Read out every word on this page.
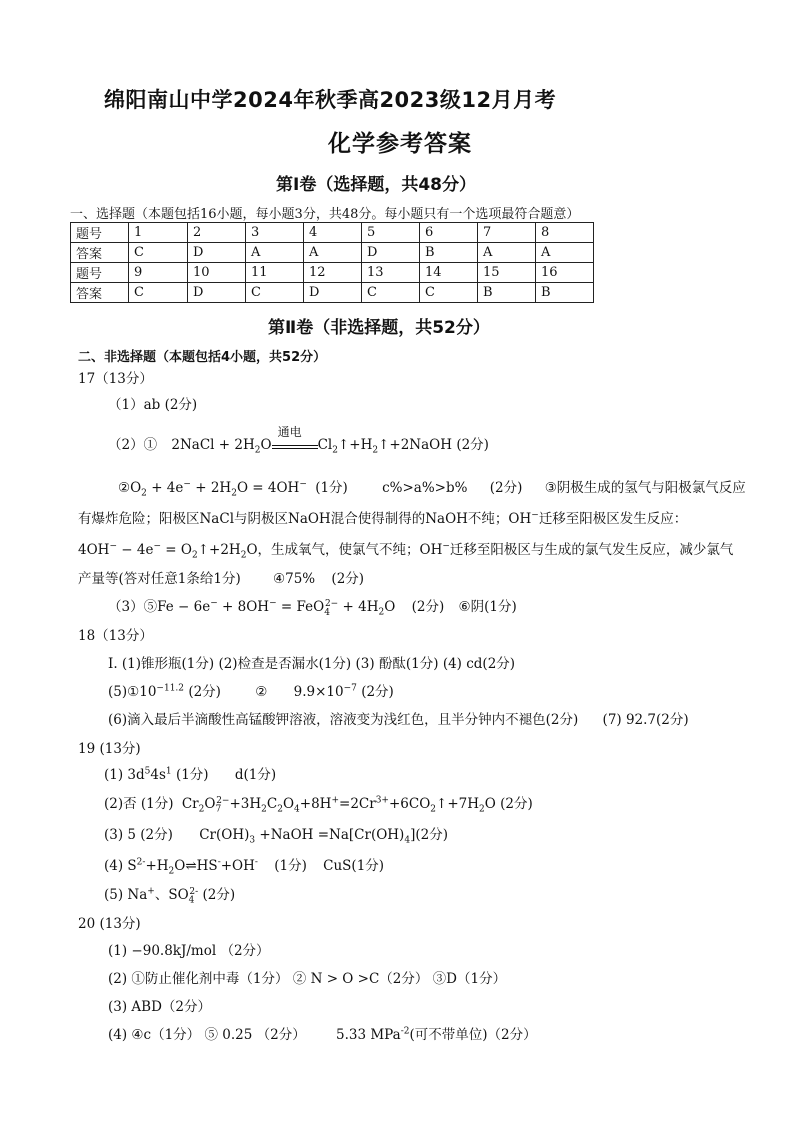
绵阳南山中学2024年秋季高2023级12月月考
化学参考答案
第Ⅰ卷（选择题，共48分）
一、选择题（本题包括16小题，每小题3分，共48分。每小题只有一个选项最符合题意）
题号	1	2	3	4	5	6	7	8
答案	C	D	A	A	D	B	A	A
题号	9	10	11	12	13	14	15	16
答案	C	D	C	D	C	C	B	B
第Ⅱ卷（非选择题，共52分）
二、非选择题（本题包括4小题，共52分）
17（13分）
（1）ab (2分)
（2）① 2NaCl + $2H_2O$
通电
$Cl_2↑+H_2↑+2NaOH$ (2分)
$②O_2 + 4e^- + 2H_2O = 4OH^-$ (1分)	c%>a%>b% (2分) ③阴极生成的氢气与阳极氯气反应
有爆炸危险；阳极区NaCl与阴极区NaOH混合使得制得的NaOH不纯；OH−迁移至阳极区发生反应：
$4OH^- - 4e^- = O_2↑+2H_2O$，生成氧气，使氯气不纯；OH−迁移至阳极区与生成的氯气发生反应，减少氯气
产量等(答对任意1条给1分) ④75% (2分)
（3）⑤Fe − $6e^- + 8OH^- = FeO_4^{2-} + 4H_2O$ (2分) ⑥阴(1分)
18（13分）
I. (1)锥形瓶(1分) (2)检查是否漏水(1分) (3) 酚酞(1分) (4) cd(2分)
$(5)①10^{-11.2}$ (2分)	② $9.9\times 10^{-7}$ (2分)
(6)滴入最后半滴酸性高锰酸钾溶液，溶液变为浅红色，且半分钟内不褪色(2分) (7) 92.7(2分)
19 (13分)
(1) $3d^54s^1$ (1分) d(1分)
(2)否 (1分) $Cr_2O_7^{2-}+3H_2C_2O_4+8H^+=2Cr^{3+}+6CO_2↑+7H_2O$ (2分)
(3) 5 (2分) $Cr(OH)_3$ +NaOH $=Na[Cr(OH)_4](2$分)
(4) $S^{2-}+H_2O\rightleftharpoons HS^-+OH^-$ (1分) CuS(1分)
(5) Na+、$SO_4^{2-}$ (2分)
20 (13分)
(1) −90.8kJ/mol （2分）
(2) ①防止催化剂中毒（1分） ② N > O >C（2分） ③D（1分）
(3) ABD（2分）
(4) ④c（1分） ⑤ 0.25 （2分） 5.33 MPa$^{-2}$(可不带单位)（2分）
